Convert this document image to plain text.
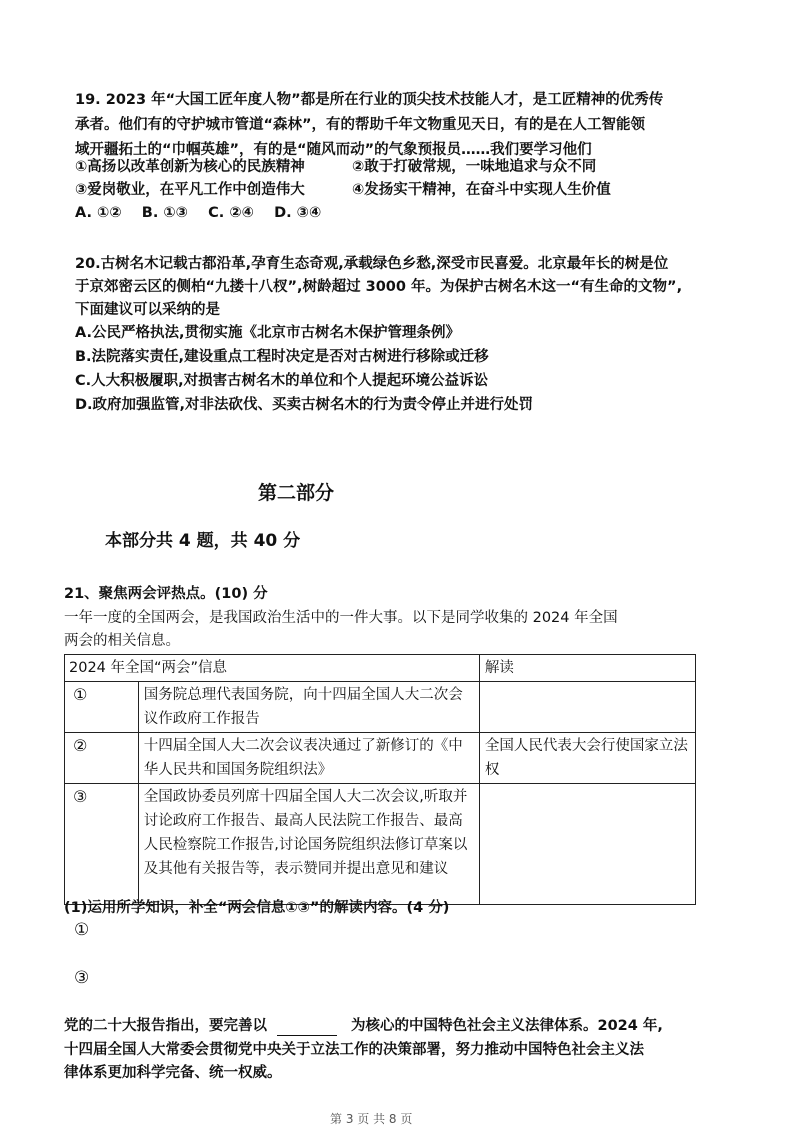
19. 2023 年“大国工匠年度人物”都是所在行业的顶尖技术技能人才，是工匠精神的优秀传
承者。他们有的守护城市管道“森林”，有的帮助千年文物重见天日，有的是在人工智能领
域开疆拓土的“巾帼英雄”，有的是“随风而动”的气象预报员……我们要学习他们
①高扬以改革创新为核心的民族精神	②敢于打破常规，一味地追求与众不同
③爱岗敬业，在平凡工作中创造伟大	④发扬实干精神，在奋斗中实现人生价值
A. ①②    B. ①③    C. ②④    D. ③④
20.古树名木记载古都沿革,孕育生态奇观,承载绿色乡愁,深受市民喜爱。北京最年长的树是位
于京郊密云区的侧柏“九搂十八杈”,树龄超过 3000 年。为保护古树名木这一“有生命的文物”,
下面建议可以采纳的是
A.公民严格执法,贯彻实施《北京市古树名木保护管理条例》
B.法院落实责任,建设重点工程时决定是否对古树进行移除或迁移
C.人大积极履职,对损害古树名木的单位和个人提起环境公益诉讼
D.政府加强监管,对非法砍伐、买卖古树名木的行为责令停止并进行处罚
第二部分
本部分共 4 题，共 40 分
21、聚焦两会评热点。(10) 分
一年一度的全国两会，是我国政治生活中的一件大事。以下是同学收集的 2024 年全国
两会的相关信息。
2024 年全国“两会”信息		解读
①	国务院总理代表国务院，向十四届全国人大二次会议作政府工作报告	
②	十四届全国人大二次会议表决通过了新修订的《中华人民共和国国务院组织法》	全国人民代表大会行使国家立法权
③	全国政协委员列席十四届全国人大二次会议,听取并讨论政府工作报告、最高人民法院工作报告、最高人民检察院工作报告,讨论国务院组织法修订草案以及其他有关报告等，表示赞同并提出意见和建议	
(1)运用所学知识，补全“两会信息①③”的解读内容。(4 分)
①
③
党的二十大报告指出，要完善以	为核心的中国特色社会主义法律体系。2024 年,
十四届全国人大常委会贯彻党中央关于立法工作的决策部署，努力推动中国特色社会主义法
律体系更加科学完备、统一权威。
第 3 页 共 8 页
